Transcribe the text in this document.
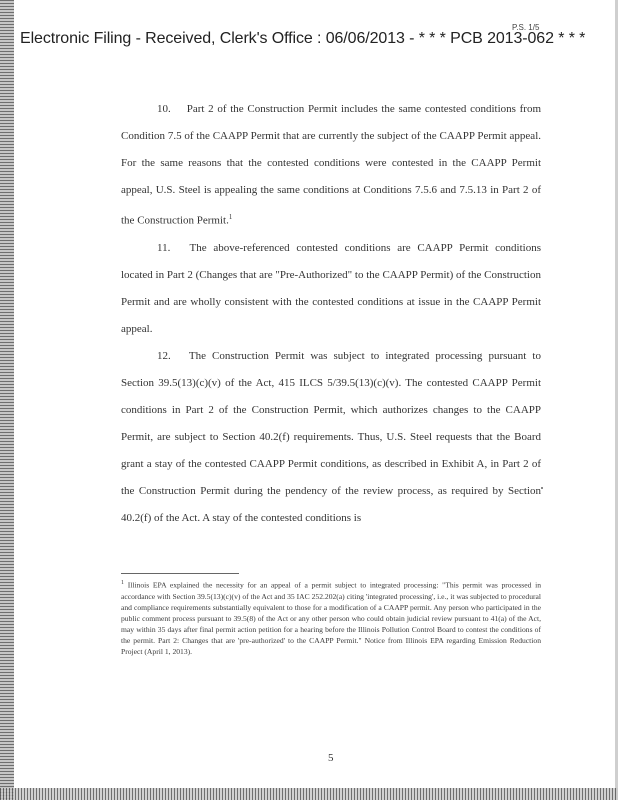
Electronic Filing - Received, Clerk's Office : 06/06/2013 - * * * PCB 2013-062 * * *
P.S. 1/5

10. Part 2 of the Construction Permit includes the same contested conditions from Condition 7.5 of the CAAPP Permit that are currently the subject of the CAAPP Permit appeal. For the same reasons that the contested conditions were contested in the CAAPP Permit appeal, U.S. Steel is appealing the same conditions at Conditions 7.5.6 and 7.5.13 in Part 2 of the Construction Permit.$^1$

11. The above-referenced contested conditions are CAAPP Permit conditions located in Part 2 (Changes that are "Pre-Authorized" to the CAAPP Permit) of the Construction Permit and are wholly consistent with the contested conditions at issue in the CAAPP Permit appeal.

12. The Construction Permit was subject to integrated processing pursuant to Section 39.5(13)(c)(v) of the Act, 415 ILCS 5/39.5(13)(c)(v). The contested CAAPP Permit conditions in Part 2 of the Construction Permit, which authorizes changes to the CAAPP Permit, are subject to Section 40.2(f) requirements. Thus, U.S. Steel requests that the Board grant a stay of the contested CAAPP Permit conditions, as described in Exhibit A, in Part 2 of the Construction Permit during the pendency of the review process, as required by Section 40.2(f) of the Act. A stay of the contested conditions is

$^1$ Illinois EPA explained the necessity for an appeal of a permit subject to integrated processing: "This permit was processed in accordance with Section 39.5(13)(c)(v) of the Act and 35 IAC 252.202(a) citing 'integrated processing', i.e., it was subjected to procedural and compliance requirements substantially equivalent to those for a modification of a CAAPP permit. Any person who participated in the public comment process pursuant to 39.5(8) of the Act or any other person who could obtain judicial review pursuant to 41(a) of the Act, may within 35 days after final permit action petition for a hearing before the Illinois Pollution Control Board to contest the conditions of the permit. Part 2: Changes that are 'pre-authorized' to the CAAPP Permit." Notice from Illinois EPA regarding Emission Reduction Project (April 1, 2013).
5
